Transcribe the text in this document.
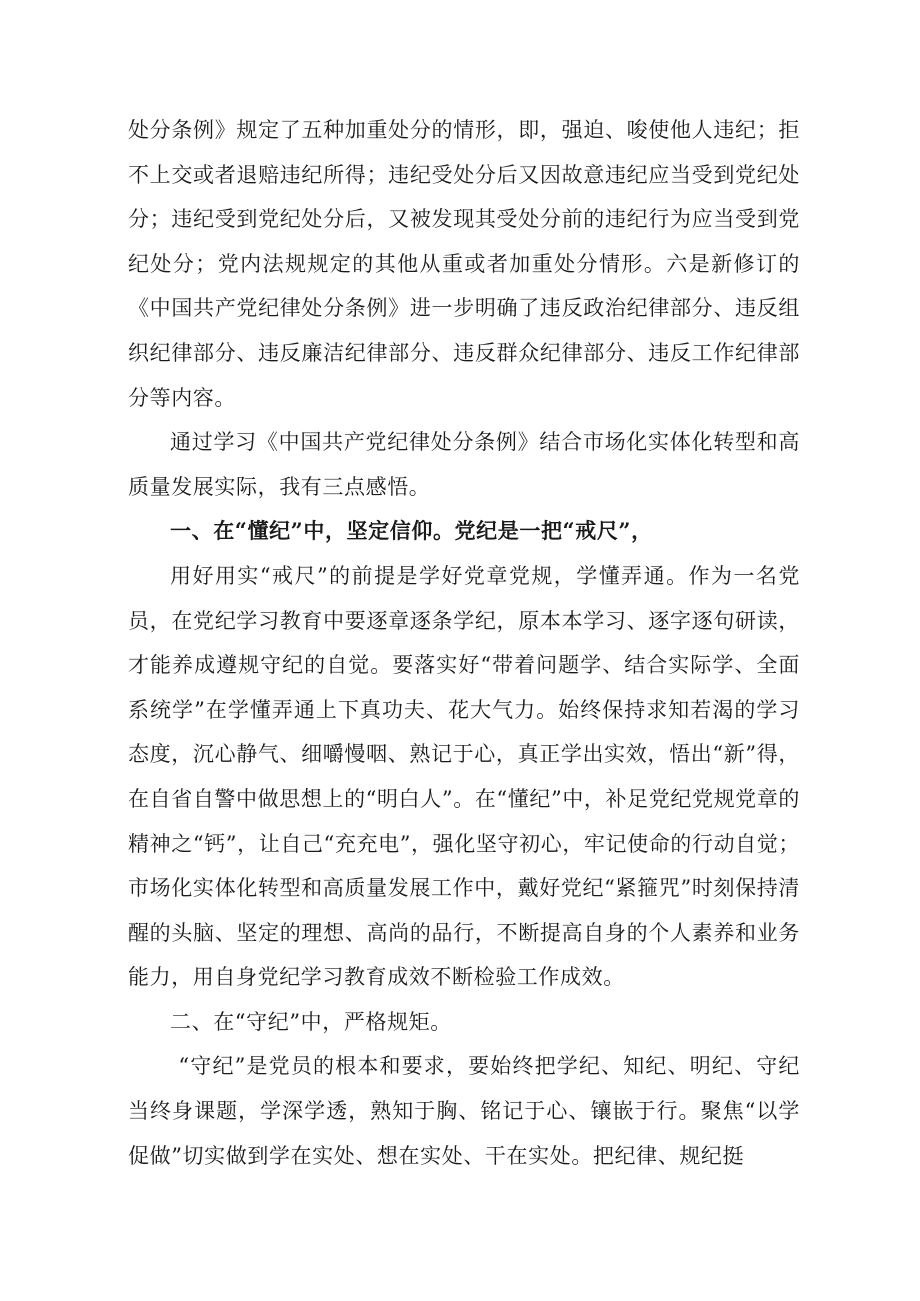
处分条例》规定了五种加重处分的情形，即，强迫、唆使他人违纪；拒不上交或者退赔违纪所得；违纪受处分后又因故意违纪应当受到党纪处分；违纪受到党纪处分后，又被发现其受处分前的违纪行为应当受到党纪处分；党内法规规定的其他从重或者加重处分情形。六是新修订的《中国共产党纪律处分条例》进一步明确了违反政治纪律部分、违反组织纪律部分、违反廉洁纪律部分、违反群众纪律部分、违反工作纪律部分等内容。

通过学习《中国共产党纪律处分条例》结合市场化实体化转型和高质量发展实际，我有三点感悟。

一、在“懂纪”中，坚定信仰。党纪是一把“戒尺”，

用好用实“戒尺”的前提是学好党章党规，学懂弄通。作为一名党员，在党纪学习教育中要逐章逐条学纪，原本本学习、逐字逐句研读，才能养成遵规守纪的自觉。要落实好“带着问题学、结合实际学、全面系统学”在学懂弄通上下真功夫、花大气力。始终保持求知若渴的学习态度，沉心静气、细嚼慢咽、熟记于心，真正学出实效，悟出“新”得，在自省自警中做思想上的“明白人”。在“懂纪”中，补足党纪党规党章的精神之“钙”，让自己“充充电”，强化坚守初心，牢记使命的行动自觉；市场化实体化转型和高质量发展工作中，戴好党纪“紧箍咒”时刻保持清醒的头脑、坚定的理想、高尚的品行，不断提高自身的个人素养和业务能力，用自身党纪学习教育成效不断检验工作成效。

二、在“守纪”中，严格规矩。

“守纪”是党员的根本和要求，要始终把学纪、知纪、明纪、守纪当终身课题，学深学透，熟知于胸、铭记于心、镶嵌于行。聚焦“以学促做”切实做到学在实处、想在实处、干在实处。把纪律、规纪挺
